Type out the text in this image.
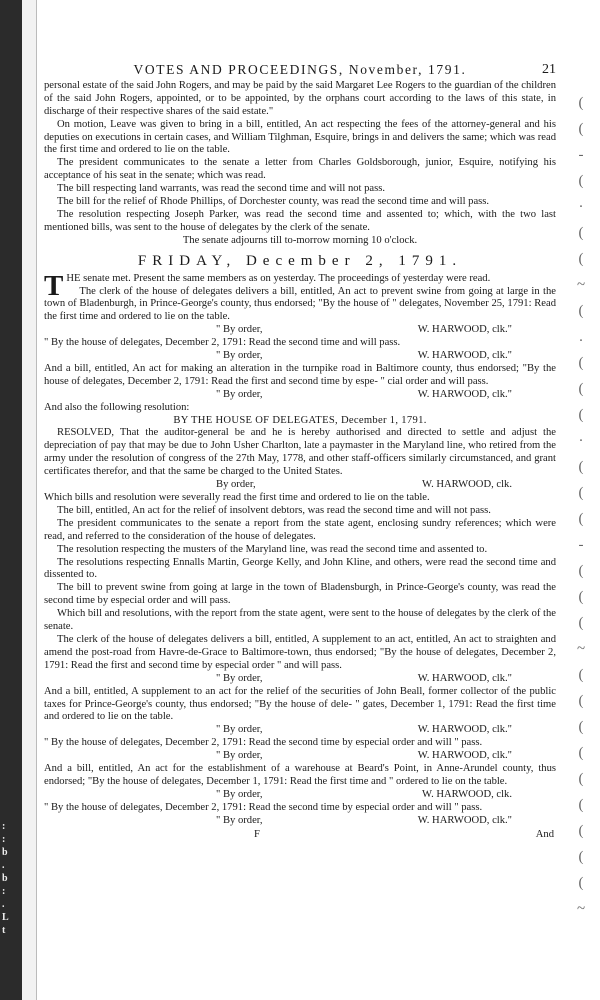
:
:
b
.
b
:
.
L
t
(
(
-
(
·
(
(
~
(
.
(
(
(
·
(
(
(
-
(
(
(
~
(
(
(
(
(
(
(
(
(
~
VOTES AND PROCEEDINGS, November, 1791.	21

personal estate of the said John Rogers, and may be paid by the said Margaret Lee Rogers to the guardian of the children of the said John Rogers, appointed, or to be appointed, by the orphans court according to the laws of this state, in discharge of their respective shares of the said estate."

On motion, Leave was given to bring in a bill, entitled, An act respecting the fees of the attorney-general and his deputies on executions in certain cases, and William Tilghman, Esquire, brings in and delivers the same; which was read the first time and ordered to lie on the table.

The president communicates to the senate a letter from Charles Goldsborough, junior, Esquire, notifying his acceptance of his seat in the senate; which was read.

The bill respecting land warrants, was read the second time and will not pass.

The bill for the relief of Rhode Phillips, of Dorchester county, was read the second time and will pass.

The resolution respecting Joseph Parker, was read the second time and assented to; which, with the two last mentioned bills, was sent to the house of delegates by the clerk of the senate.

The senate adjourns till to-morrow morning 10 o'clock.

FRIDAY, December 2, 1791.

THE senate met. Present the same members as on yesterday. The proceedings of yesterday were read.

The clerk of the house of delegates delivers a bill, entitled, An act to prevent swine from going at large in the town of Bladenburgh, in Prince-George's county, thus endorsed; "By the house of " delegates, November 25, 1791: Read the first time and ordered to lie on the table.

" By order,	W. HARWOOD, clk."

" By the house of delegates, December 2, 1791: Read the second time and will pass.

" By order,	W. HARWOOD, clk."

And a bill, entitled, An act for making an alteration in the turnpike road in Baltimore county, thus endorsed; "By the house of delegates, December 2, 1791: Read the first and second time by espe- " cial order and will pass.

" By order,	W. HARWOOD, clk."

And also the following resolution:

BY THE HOUSE OF DELEGATES, December 1, 1791.

RESOLVED, That the auditor-general be and he is hereby authorised and directed to settle and adjust the depreciation of pay that may be due to John Usher Charlton, late a paymaster in the Maryland line, who retired from the army under the resolution of congress of the 27th May, 1778, and other staff-officers similarly circumstanced, and grant certificates therefor, and that the same be charged to the United States.

By order,	W. HARWOOD, clk.

Which bills and resolution were severally read the first time and ordered to lie on the table.

The bill, entitled, An act for the relief of insolvent debtors, was read the second time and will not pass.

The president communicates to the senate a report from the state agent, enclosing sundry references; which were read, and referred to the consideration of the house of delegates.

The resolution respecting the musters of the Maryland line, was read the second time and assented to.

The resolutions respecting Ennalls Martin, George Kelly, and John Kline, and others, were read the second time and dissented to.

The bill to prevent swine from going at large in the town of Bladensburgh, in Prince-George's county, was read the second time by especial order and will pass.

Which bill and resolutions, with the report from the state agent, were sent to the house of delegates by the clerk of the senate.

The clerk of the house of delegates delivers a bill, entitled, A supplement to an act, entitled, An act to straighten and amend the post-road from Havre-de-Grace to Baltimore-town, thus endorsed; "By the house of delegates, December 2, 1791: Read the first and second time by especial order " and will pass.

" By order,	W. HARWOOD, clk."

And a bill, entitled, A supplement to an act for the relief of the securities of John Beall, former collector of the public taxes for Prince-George's county, thus endorsed; "By the house of dele- " gates, December 1, 1791: Read the first time and ordered to lie on the table.

" By order,	W. HARWOOD, clk."

" By the house of delegates, December 2, 1791: Read the second time by especial order and will " pass.

" By order,	W. HARWOOD, clk."

And a bill, entitled, An act for the establishment of a warehouse at Beard's Point, in Anne-Arundel county, thus endorsed; "By the house of delegates, December 1, 1791: Read the first time and " ordered to lie on the table.

" By order,	W. HARWOOD, clk.

" By the house of delegates, December 2, 1791: Read the second time by especial order and will " pass.

" By order,	W. HARWOOD, clk."
F	And
